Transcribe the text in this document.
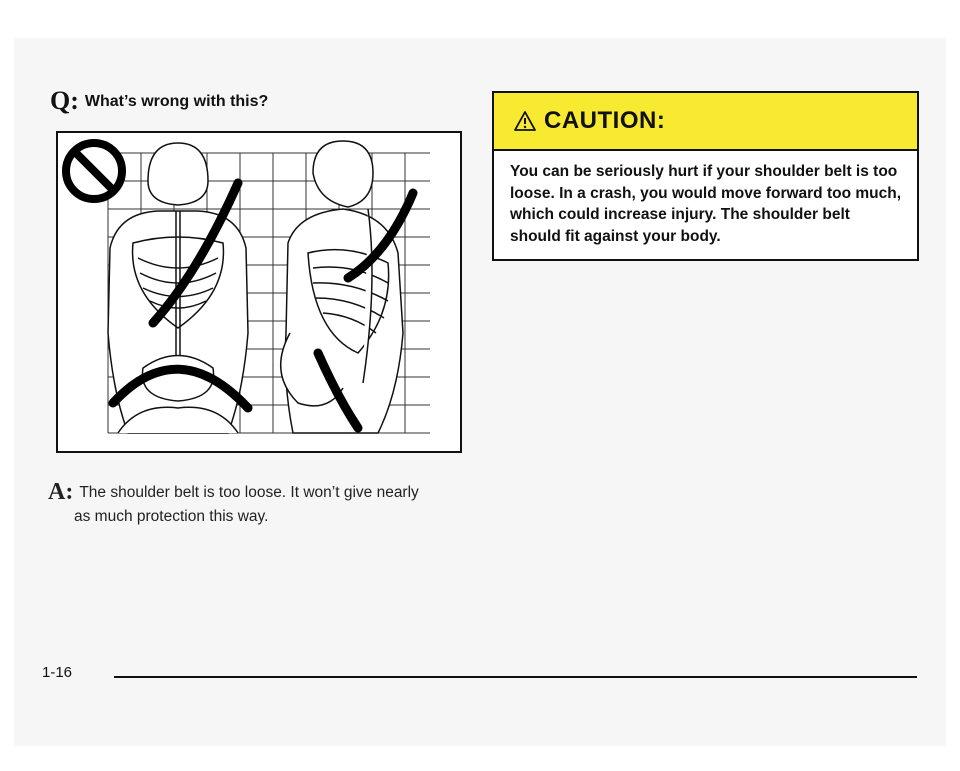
Q: What’s wrong with this?
A: The shoulder belt is too loose. It won’t give nearly
as much protection this way.
CAUTION:
You can be seriously hurt if your shoulder belt is too loose. In a crash, you would move forward too much, which could increase injury. The shoulder belt should fit against your body.
1-16
